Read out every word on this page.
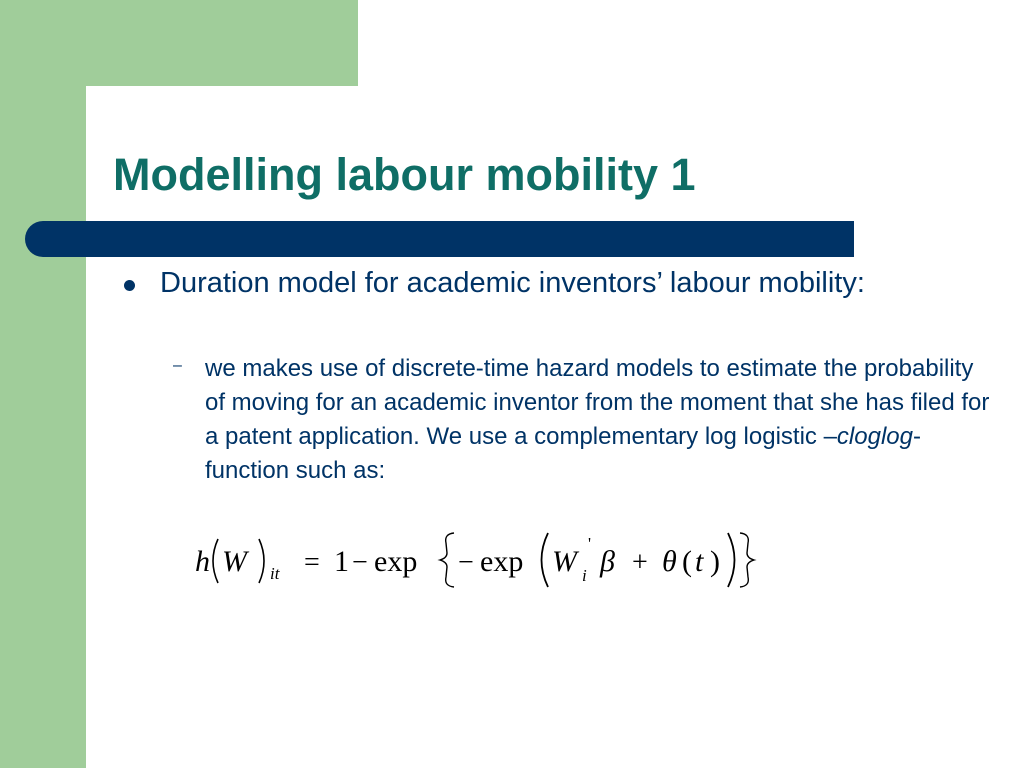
Modelling labour mobility 1

Duration model for academic inventors’ labour mobility:

– we makes use of discrete-time hazard models to estimate the probability of moving for an academic inventor from the moment that she has filed for a patent application. We use a complementary log logistic –cloglog- function such as:

h W it = 1 − exp − exp W i
'
β + θ ( t )
